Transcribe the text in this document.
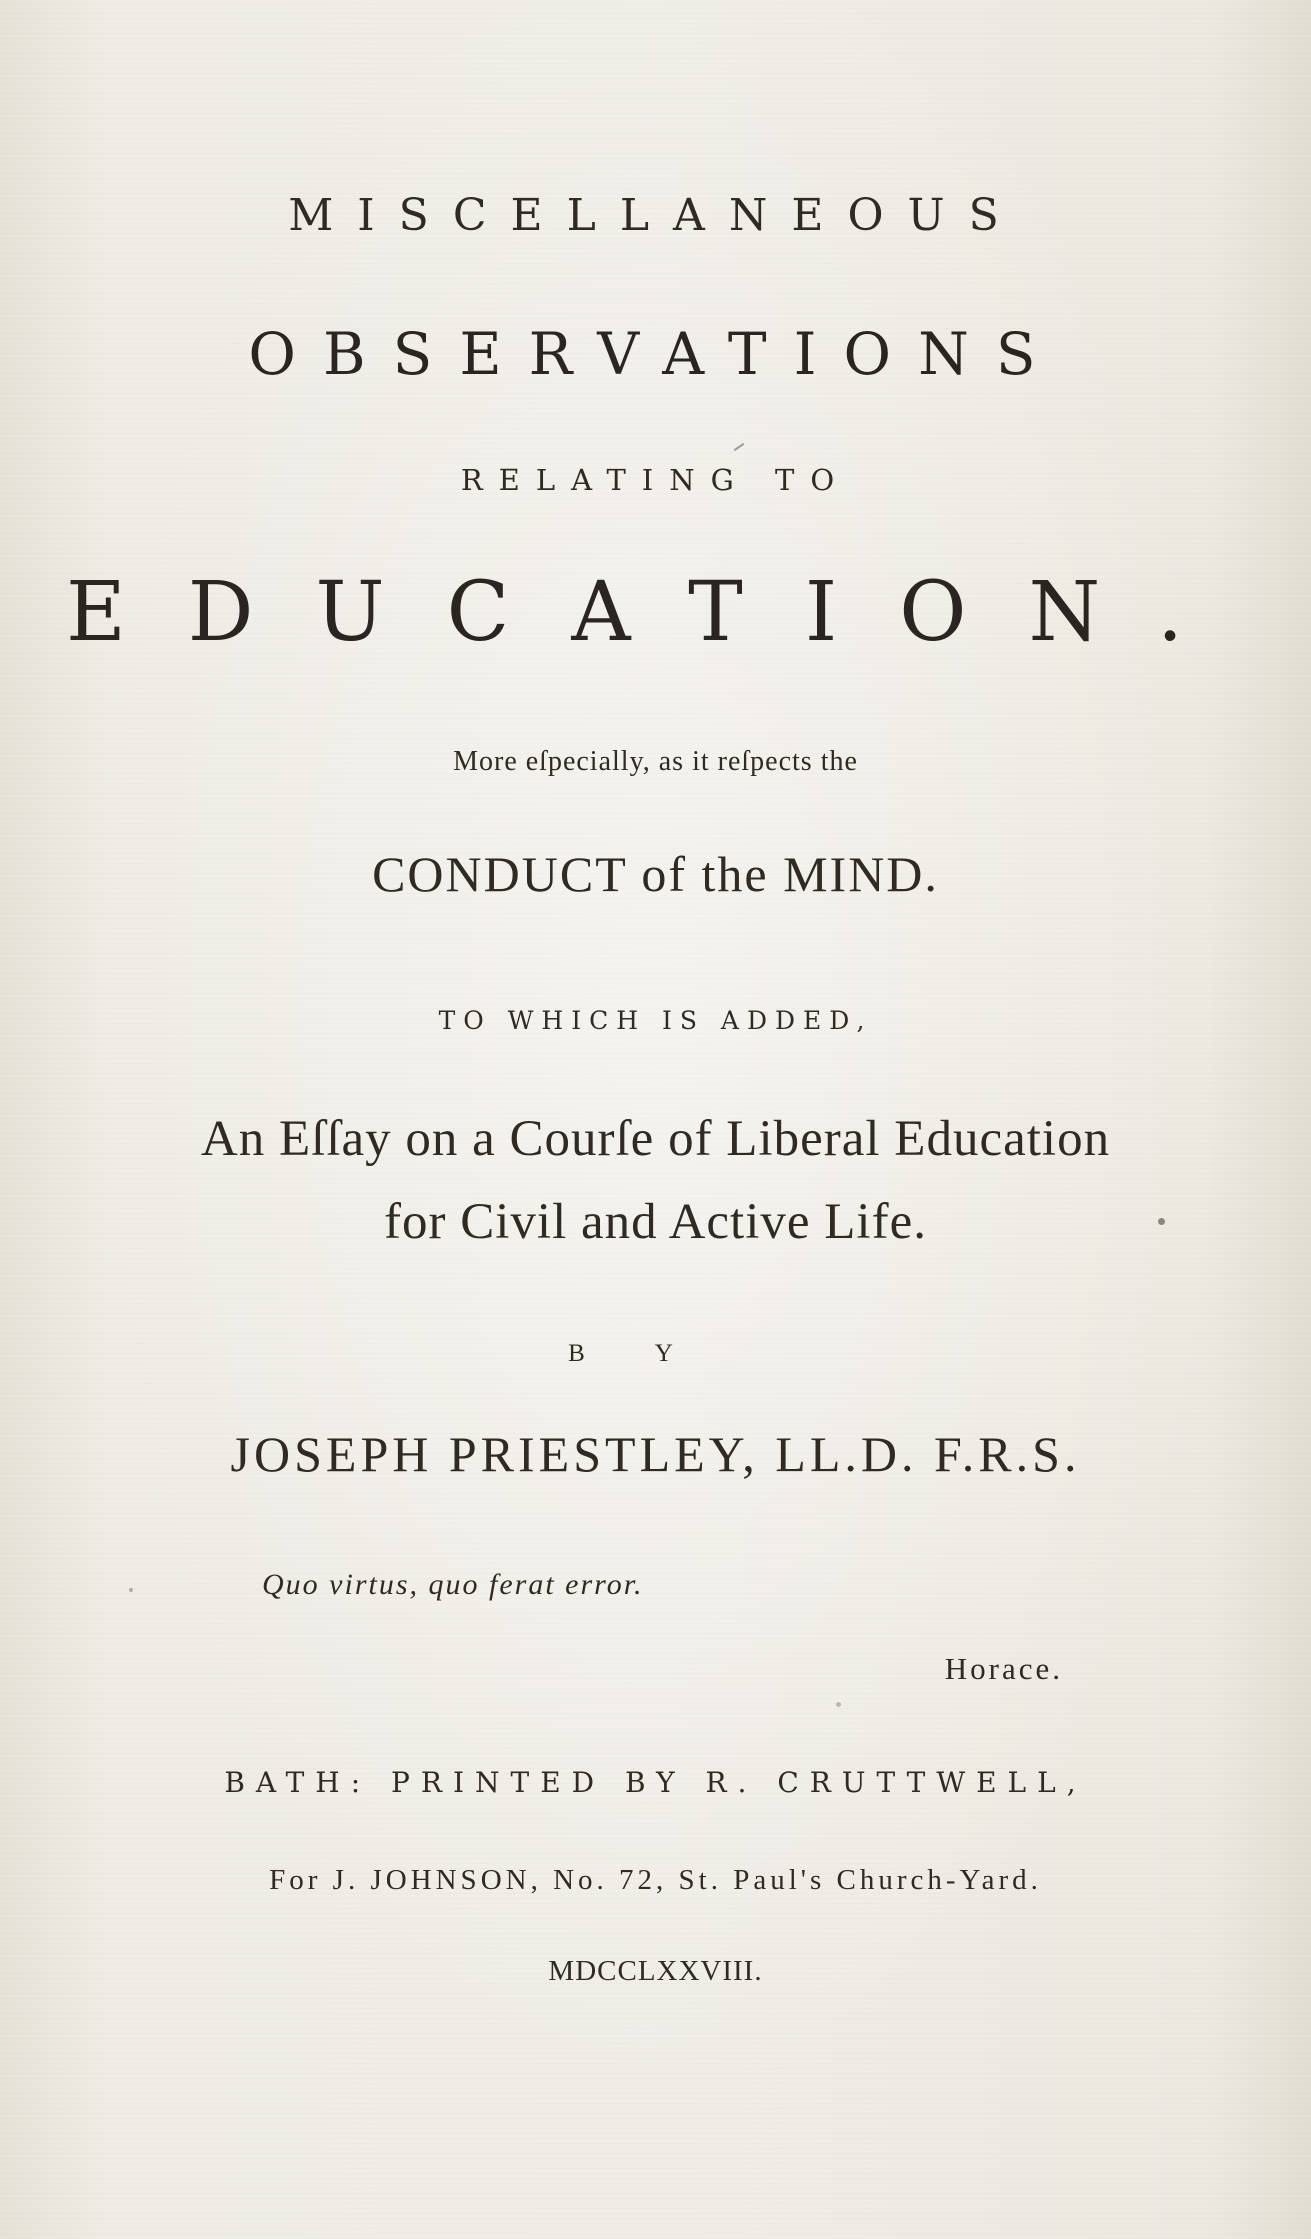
MISCELLANEOUS
OBSERVATIONS
RELATING TO
EDUCATION.
More eſpecially, as it reſpects the
CONDUCT of the MIND.
TO WHICH IS ADDED,
An Eſſay on a Courſe of Liberal Education
for Civil and Active Life.
BY
JOSEPH PRIESTLEY, LL.D. F.R.S.
Quo virtus, quo ferat error.
Horace.
BATH: PRINTED BY R. CRUTTWELL,
For J. JOHNSON, No. 72, St. Paul's Church-Yard.
MDCCLXXVIII.
